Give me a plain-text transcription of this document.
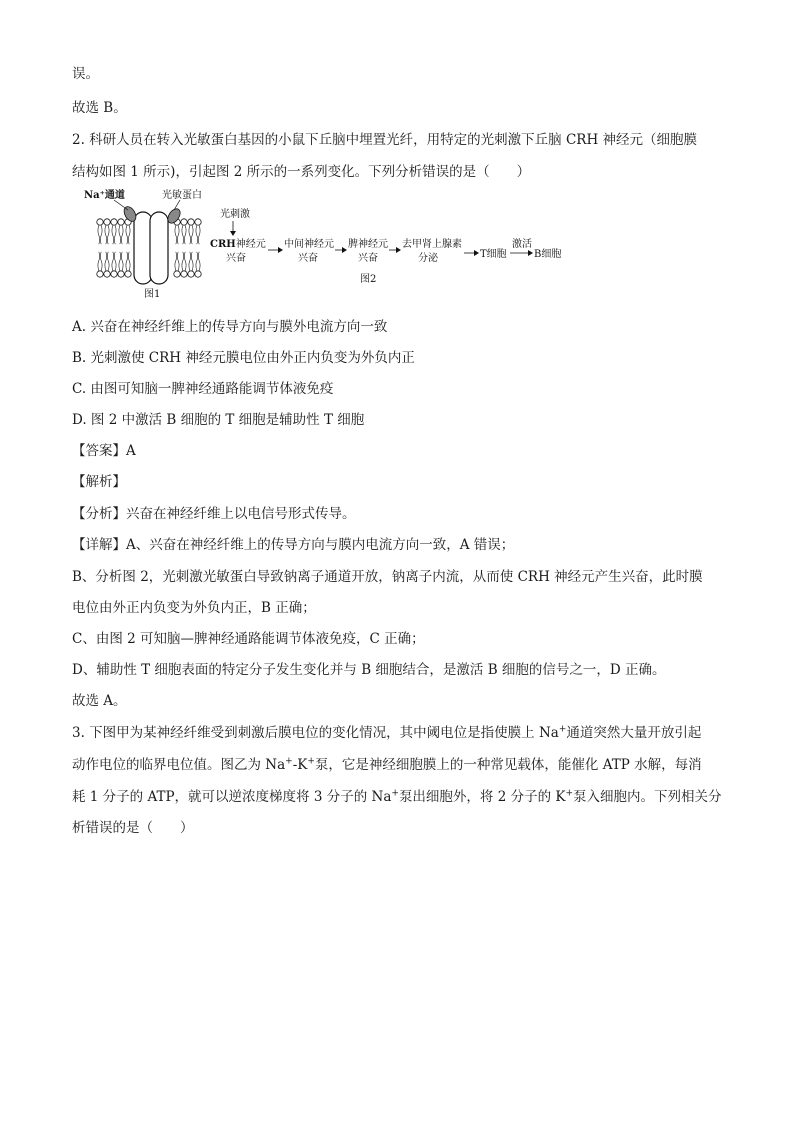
误。
故选 B。
2. 科研人员在转入光敏蛋白基因的小鼠下丘脑中埋置光纤，用特定的光刺激下丘脑 CRH 神经元（细胞膜
结构如图 1 所示)，引起图 2 所示的一系列变化。下列分析错误的是（　　）
Na⁺通道	光敏蛋白
图1
光刺激
CRH神经元
兴奋
中间神经元
兴奋
脾神经元
兴奋
去甲肾上腺素
分泌	T细胞
激活
B细胞
图2
A. 兴奋在神经纤维上的传导方向与膜外电流方向一致
B. 光刺激使 CRH 神经元膜电位由外正内负变为外负内正
C. 由图可知脑一脾神经通路能调节体液免疫
D. 图 2 中激活 B 细胞的 T 细胞是辅助性 T 细胞
【答案】A
【解析】
【分析】兴奋在神经纤维上以电信号形式传导。
【详解】A、兴奋在神经纤维上的传导方向与膜内电流方向一致，A 错误；
B、分析图 2，光刺激光敏蛋白导致钠离子通道开放，钠离子内流，从而使 CRH 神经元产生兴奋，此时膜
电位由外正内负变为外负内正，B 正确；
C、由图 2 可知脑—脾神经通路能调节体液免疫，C 正确；
D、辅助性 T 细胞表面的特定分子发生变化并与 B 细胞结合，是激活 B 细胞的信号之一，D 正确。
故选 A。
3. 下图甲为某神经纤维受到刺激后膜电位的变化情况，其中阈电位是指使膜上 Na+通道突然大量开放引起
动作电位的临界电位值。图乙为 Na+-K+泵，它是神经细胞膜上的一种常见载体，能催化 ATP 水解，每消
耗 1 分子的 ATP，就可以逆浓度梯度将 3 分子的 Na+泵出细胞外，将 2 分子的 K+泵入细胞内。下列相关分
析错误的是（　　）
